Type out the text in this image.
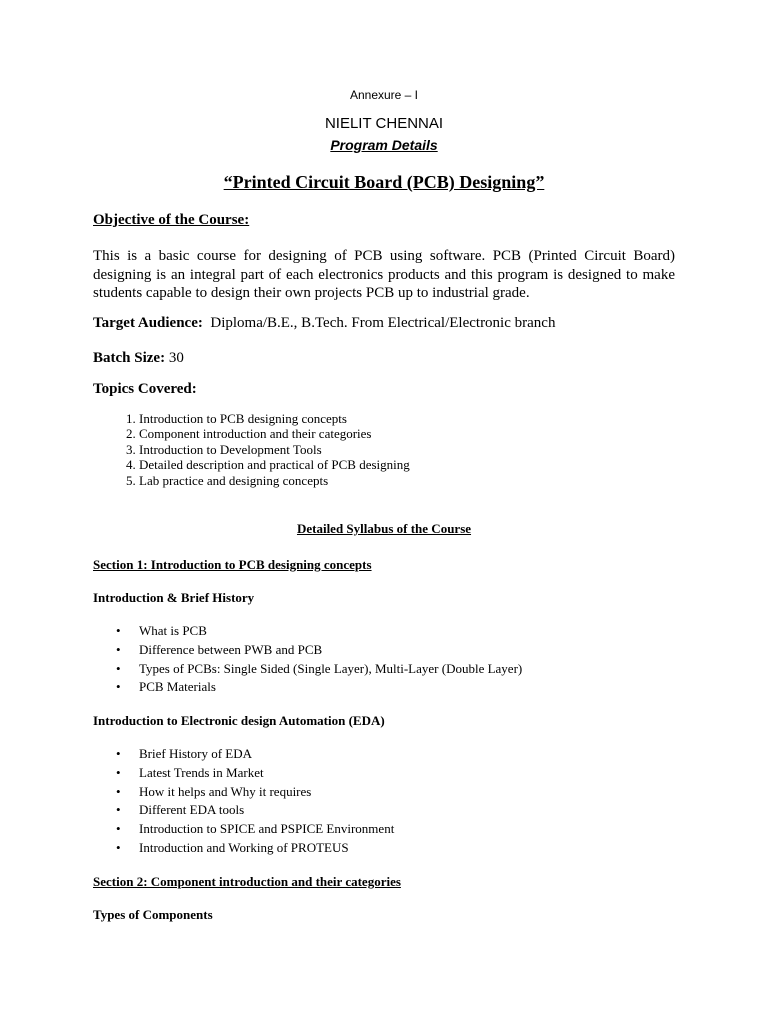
Annexure – I
NIELIT CHENNAI
Program Details
“Printed Circuit Board (PCB) Designing”
Objective of the Course:
This is a basic course for designing of PCB using software. PCB (Printed Circuit Board) designing is an integral part of each electronics products and this program is designed to make students capable to design their own projects PCB up to industrial grade.
Target Audience: Diploma/B.E., B.Tech. From Electrical/Electronic branch
Batch Size: 30
Topics Covered:
1. Introduction to PCB designing concepts
2. Component introduction and their categories
3. Introduction to Development Tools
4. Detailed description and practical of PCB designing
5. Lab practice and designing concepts
Detailed Syllabus of the Course
Section 1: Introduction to PCB designing concepts
Introduction & Brief History
• What is PCB
• Difference between PWB and PCB
• Types of PCBs: Single Sided (Single Layer), Multi-Layer (Double Layer)
• PCB Materials
Introduction to Electronic design Automation (EDA)
• Brief History of EDA
• Latest Trends in Market
• How it helps and Why it requires
• Different EDA tools
• Introduction to SPICE and PSPICE Environment
• Introduction and Working of PROTEUS
Section 2: Component introduction and their categories
Types of Components
